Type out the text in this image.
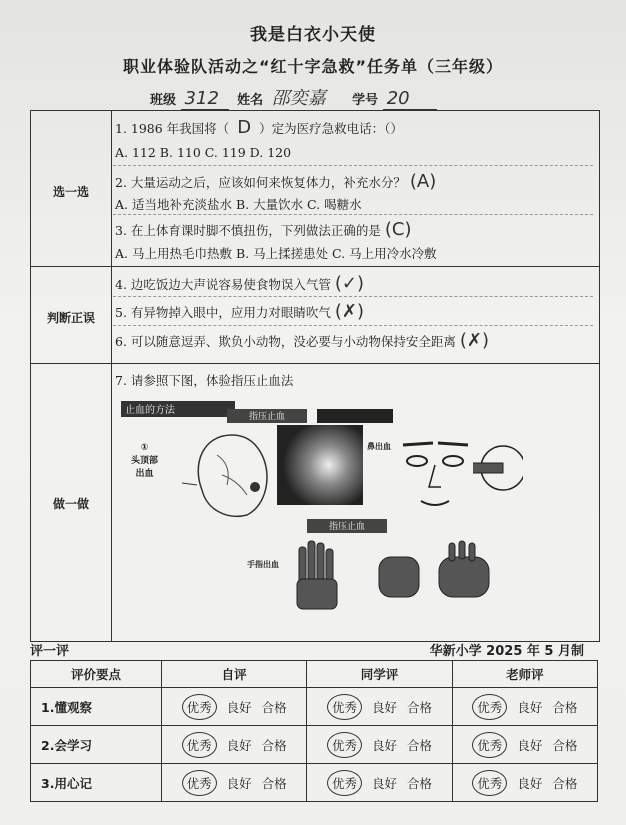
我是白衣小天使
职业体验队活动之“红十字急救”任务单（三年级）
班级 312 姓名 邵奕嘉 学号 20
选一选
1. 1986 年我国将（ D ）定为医疗急救电话：（）
A. 112 B. 110 C. 119 D. 120
2. 大量运动之后，应该如何来恢复体力，补充水分？ (A)
A. 适当地补充淡盐水 B. 大量饮水 C. 喝糖水
3. 在上体育课时脚不慎扭伤，下列做法正确的是 (C)
A. 马上用热毛巾热敷 B. 马上揉搓患处 C. 马上用冷水冷敷
判断正误
4. 边吃饭边大声说容易使食物误入气管 (✓)
5. 有异物掉入眼中，应用力对眼睛吹气 (✗)
6. 可以随意逗弄、欺负小动物，没必要与小动物保持安全距离 (✗)
做一做
7. 请参照下图，体验指压止血法
止血的方法
指压止血
①
头顶部
出血
鼻出血
指压止血
手指出血
评一评	华新小学 2025 年 5 月制
评价要点	自评	同学评	老师评
1.懂观察	优秀 良好 合格	优秀 良好 合格	优秀 良好 合格
2.会学习	优秀 良好 合格	优秀 良好 合格	优秀 良好 合格
3.用心记	优秀 良好 合格	优秀 良好 合格	优秀 良好 合格
